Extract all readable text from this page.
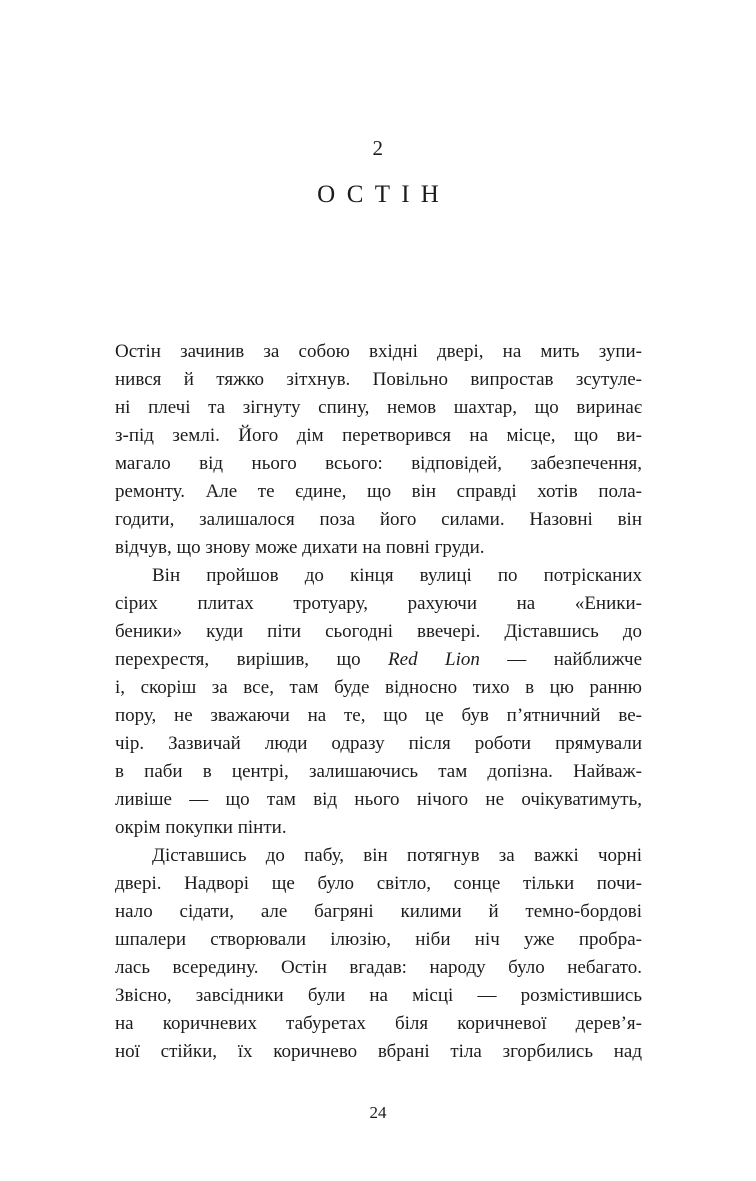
2
ОСТІН
Остін зачинив за собою вхідні двері, на мить зупи-
нився й тяжко зітхнув. Повільно випростав зсутуле-
ні плечі та зігнуту спину, немов шахтар, що виринає
з-під землі. Його дім перетворився на місце, що ви-
магало від нього всього: відповідей, забезпечення,
ремонту. Але те єдине, що він справді хотів пола-
годити, залишалося поза його силами. Назовні він
відчув, що знову може дихати на повні груди.
Він пройшов до кінця вулиці по потрісканих
сірих плитах тротуару, рахуючи на «Еники-
беники» куди піти сьогодні ввечері. Діставшись до
перехрестя, вирішив, що Red Lion — найближче
і, скоріш за все, там буде відносно тихо в цю ранню
пору, не зважаючи на те, що це був п’ятничний ве-
чір. Зазвичай люди одразу після роботи прямували
в паби в центрі, залишаючись там допізна. Найваж-
ливіше — що там від нього нічого не очікуватимуть,
окрім покупки пінти.
Діставшись до пабу, він потягнув за важкі чорні
двері. Надворі ще було світло, сонце тільки почи-
нало сідати, але багряні килими й темно-бордові
шпалери створювали ілюзію, ніби ніч уже пробра-
лась всередину. Остін вгадав: народу було небагато.
Звісно, завсідники були на місці — розмістившись
на коричневих табуретах біля коричневої дерев’я-
ної стійки, їх коричнево вбрані тіла згорбились над
24
